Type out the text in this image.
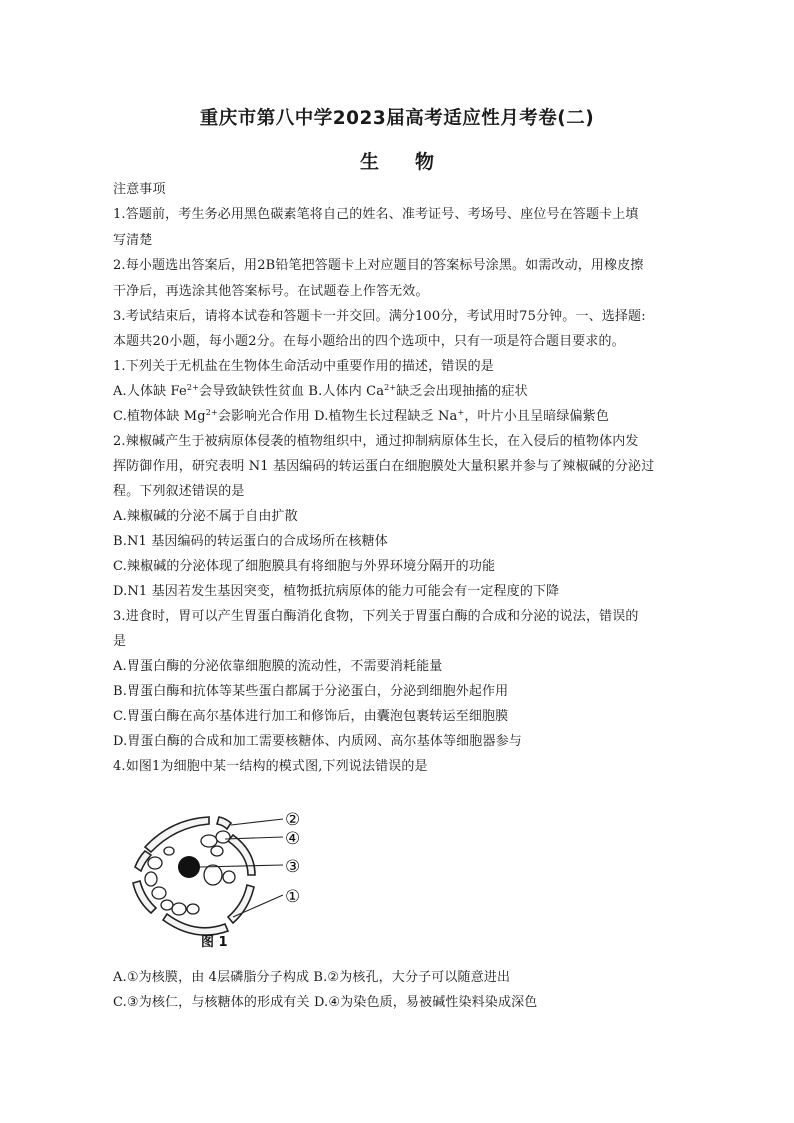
重庆市第八中学2023届高考适应性月考卷(二)
生 物
注意事项
1.答题前，考生务必用黑色碳素笔将自己的姓名、准考证号、考场号、座位号在答题卡上填
写清楚
2.每小题选出答案后，用2B铅笔把答题卡上对应题目的答案标号涂黑。如需改动，用橡皮擦
干净后，再选涂其他答案标号。在试题卷上作答无效。
3.考试结束后，请将本试卷和答题卡一并交回。满分100分，考试用时75分钟。一、选择题:
本题共20小题，每小题2分。在每小题给出的四个选项中，只有一项是符合题目要求的。
1.下列关于无机盐在生物体生命活动中重要作用的描述，错误的是
A.人体缺 $Fe^{2+}$会导致缺铁性贫血 B.人体内 $Ca^{2+}$缺乏会出现抽搐的症状
C.植物体缺 $Mg^{2+}$会影响光合作用 D.植物生长过程缺乏 Na+，叶片小且呈暗绿偏紫色
2.辣椒碱产生于被病原体侵袭的植物组织中，通过抑制病原体生长，在入侵后的植物体内发
挥防御作用，研究表明 N1 基因编码的转运蛋白在细胞膜处大量积累并参与了辣椒碱的分泌过
程。下列叙述错误的是
A.辣椒碱的分泌不属于自由扩散
B.N1 基因编码的转运蛋白的合成场所在核糖体
C.辣椒碱的分泌体现了细胞膜具有将细胞与外界环境分隔开的功能
D.N1 基因若发生基因突变，植物抵抗病原体的能力可能会有一定程度的下降
3.进食时，胃可以产生胃蛋白酶消化食物，下列关于胃蛋白酶的合成和分泌的说法，错误的
是
A.胃蛋白酶的分泌依靠细胞膜的流动性，不需要消耗能量
B.胃蛋白酶和抗体等某些蛋白都属于分泌蛋白，分泌到细胞外起作用
C.胃蛋白酶在高尔基体进行加工和修饰后，由囊泡包裹转运至细胞膜
D.胃蛋白酶的合成和加工需要核糖体、内质网、高尔基体等细胞器参与
4.如图1为细胞中某一结构的模式图,下列说法错误的是
②
④
③
①
图 1
A.①为核膜，由 4层磷脂分子构成 B.②为核孔，大分子可以随意进出
C.③为核仁，与核糖体的形成有关 D.④为染色质，易被碱性染料染成深色
